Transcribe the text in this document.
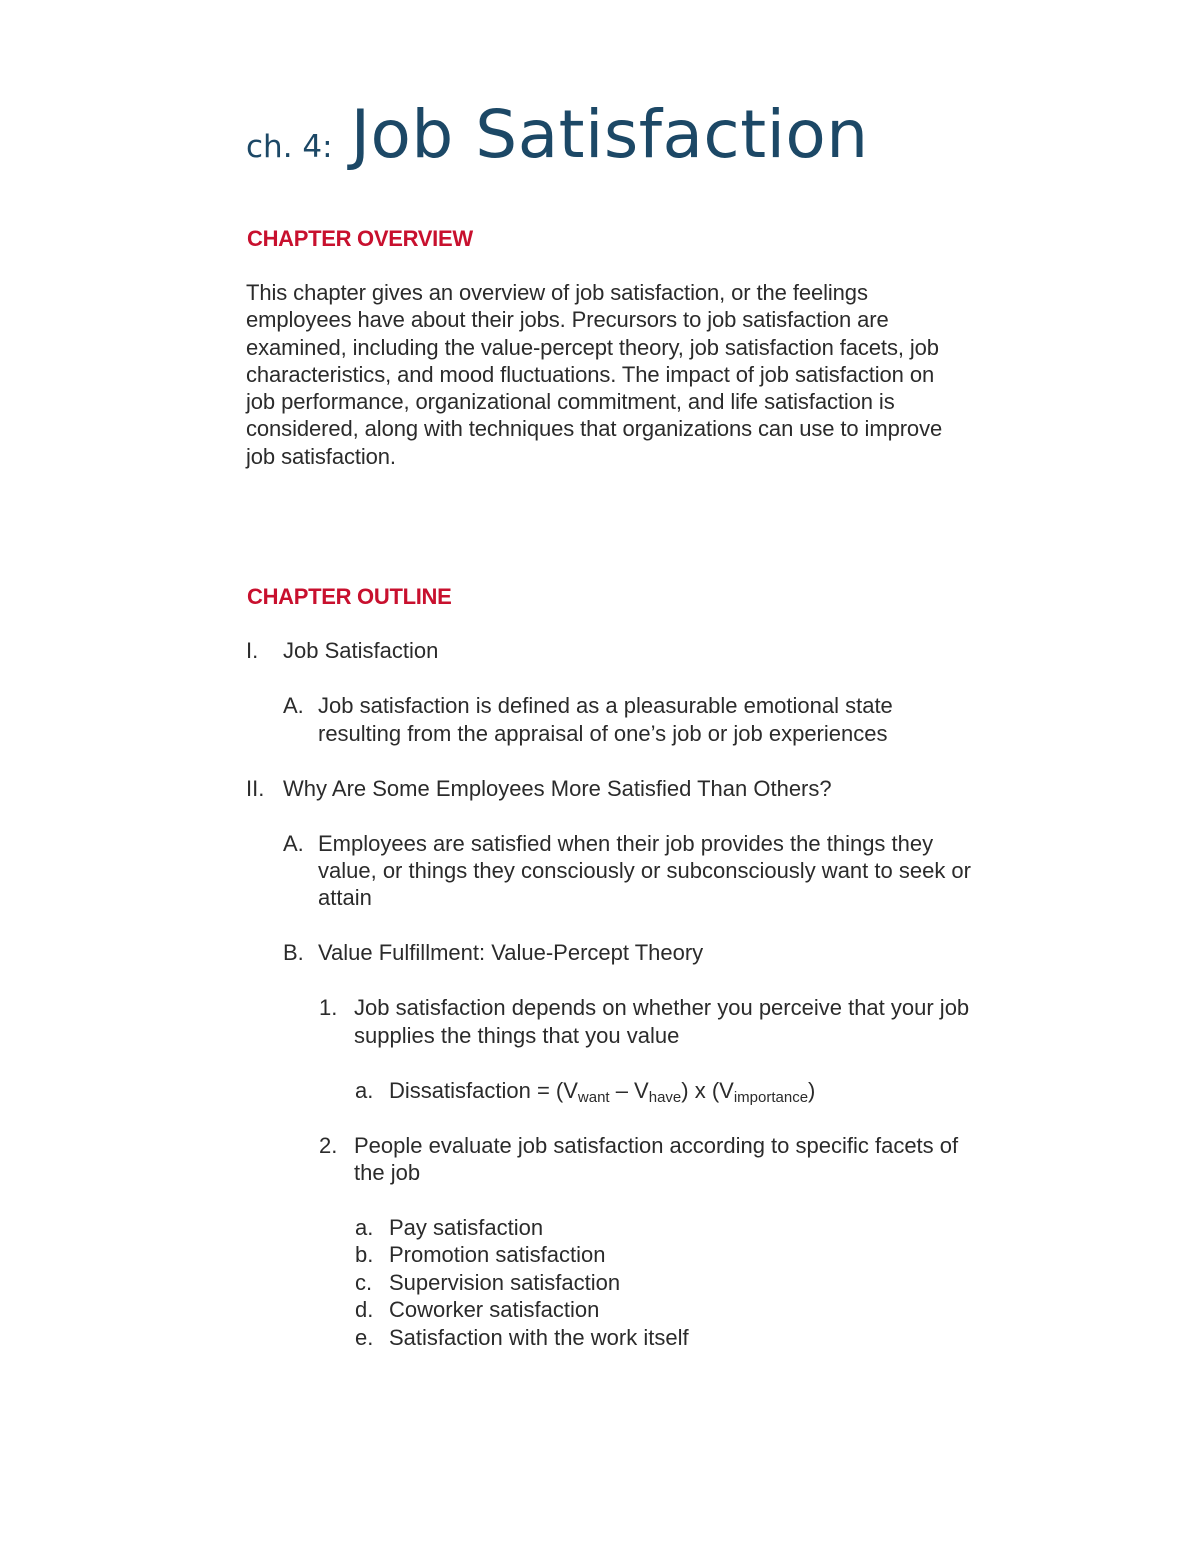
ch. 4: Job Satisfaction
CHAPTER OVERVIEW
This chapter gives an overview of job satisfaction, or the feelings
employees have about their jobs. Precursors to job satisfaction are
examined, including the value-percept theory, job satisfaction facets, job
characteristics, and mood fluctuations. The impact of job satisfaction on
job performance, organizational commitment, and life satisfaction is
considered, along with techniques that organizations can use to improve
job satisfaction.
CHAPTER OUTLINE
I. Job Satisfaction
A. Job satisfaction is defined as a pleasurable emotional state
resulting from the appraisal of one’s job or job experiences
II. Why Are Some Employees More Satisfied Than Others?
A. Employees are satisfied when their job provides the things they
value, or things they consciously or subconsciously want to seek or
attain
B. Value Fulfillment: Value-Percept Theory
1. Job satisfaction depends on whether you perceive that your job
supplies the things that you value
a. Dissatisfaction = $(V_{want} - V_{have})$ x $(V_{importance})$
2. People evaluate job satisfaction according to specific facets of
the job
a. Pay satisfaction
b. Promotion satisfaction
c. Supervision satisfaction
d. Coworker satisfaction
e. Satisfaction with the work itself
